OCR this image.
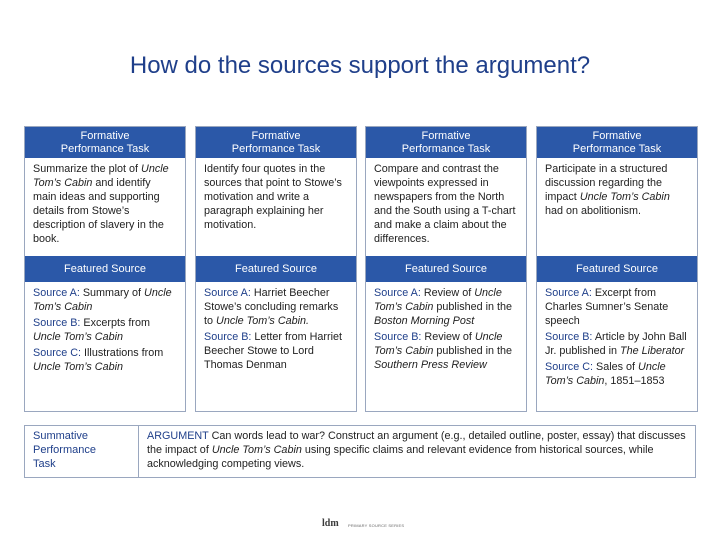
How do the sources support the argument?
Formative
Performance Task
Summarize the plot of Uncle Tom’s Cabin and identify main ideas and supporting details from Stowe’s description of slavery in the book.
Featured Source
Source A: Summary of Uncle Tom’s Cabin
Source B: Excerpts from Uncle Tom’s Cabin
Source C: Illustrations from Uncle Tom’s Cabin
Formative
Performance Task
Identify four quotes in the sources that point to Stowe’s motivation and write a paragraph explaining her motivation.
Featured Source
Source A: Harriet Beecher Stowe’s concluding remarks to Uncle Tom’s Cabin.
Source B: Letter from Harriet Beecher Stowe to Lord Thomas Denman
Formative
Performance Task
Compare and contrast the viewpoints expressed in newspapers from the North and the South using a T-chart and make a claim about the differences.
Featured Source
Source A: Review of Uncle Tom’s Cabin published in the Boston Morning Post
Source B: Review of Uncle Tom’s Cabin published in the Southern Press Review
Formative
Performance Task
Participate in a structured discussion regarding the impact Uncle Tom’s Cabin had on abolitionism.
Featured Source
Source A: Excerpt from Charles Sumner’s Senate speech
Source B: Article by John Ball Jr. published in The Liberator
Source C: Sales of Uncle Tom’s Cabin, 1851–1853
Summative
Performance
Task
ARGUMENT Can words lead to war? Construct an argument (e.g., detailed outline, poster, essay) that discusses the impact of Uncle Tom’s Cabin using specific claims and relevant evidence from historical sources, while acknowledging competing views.
ldm PRIMARY SOURCE SERIES
